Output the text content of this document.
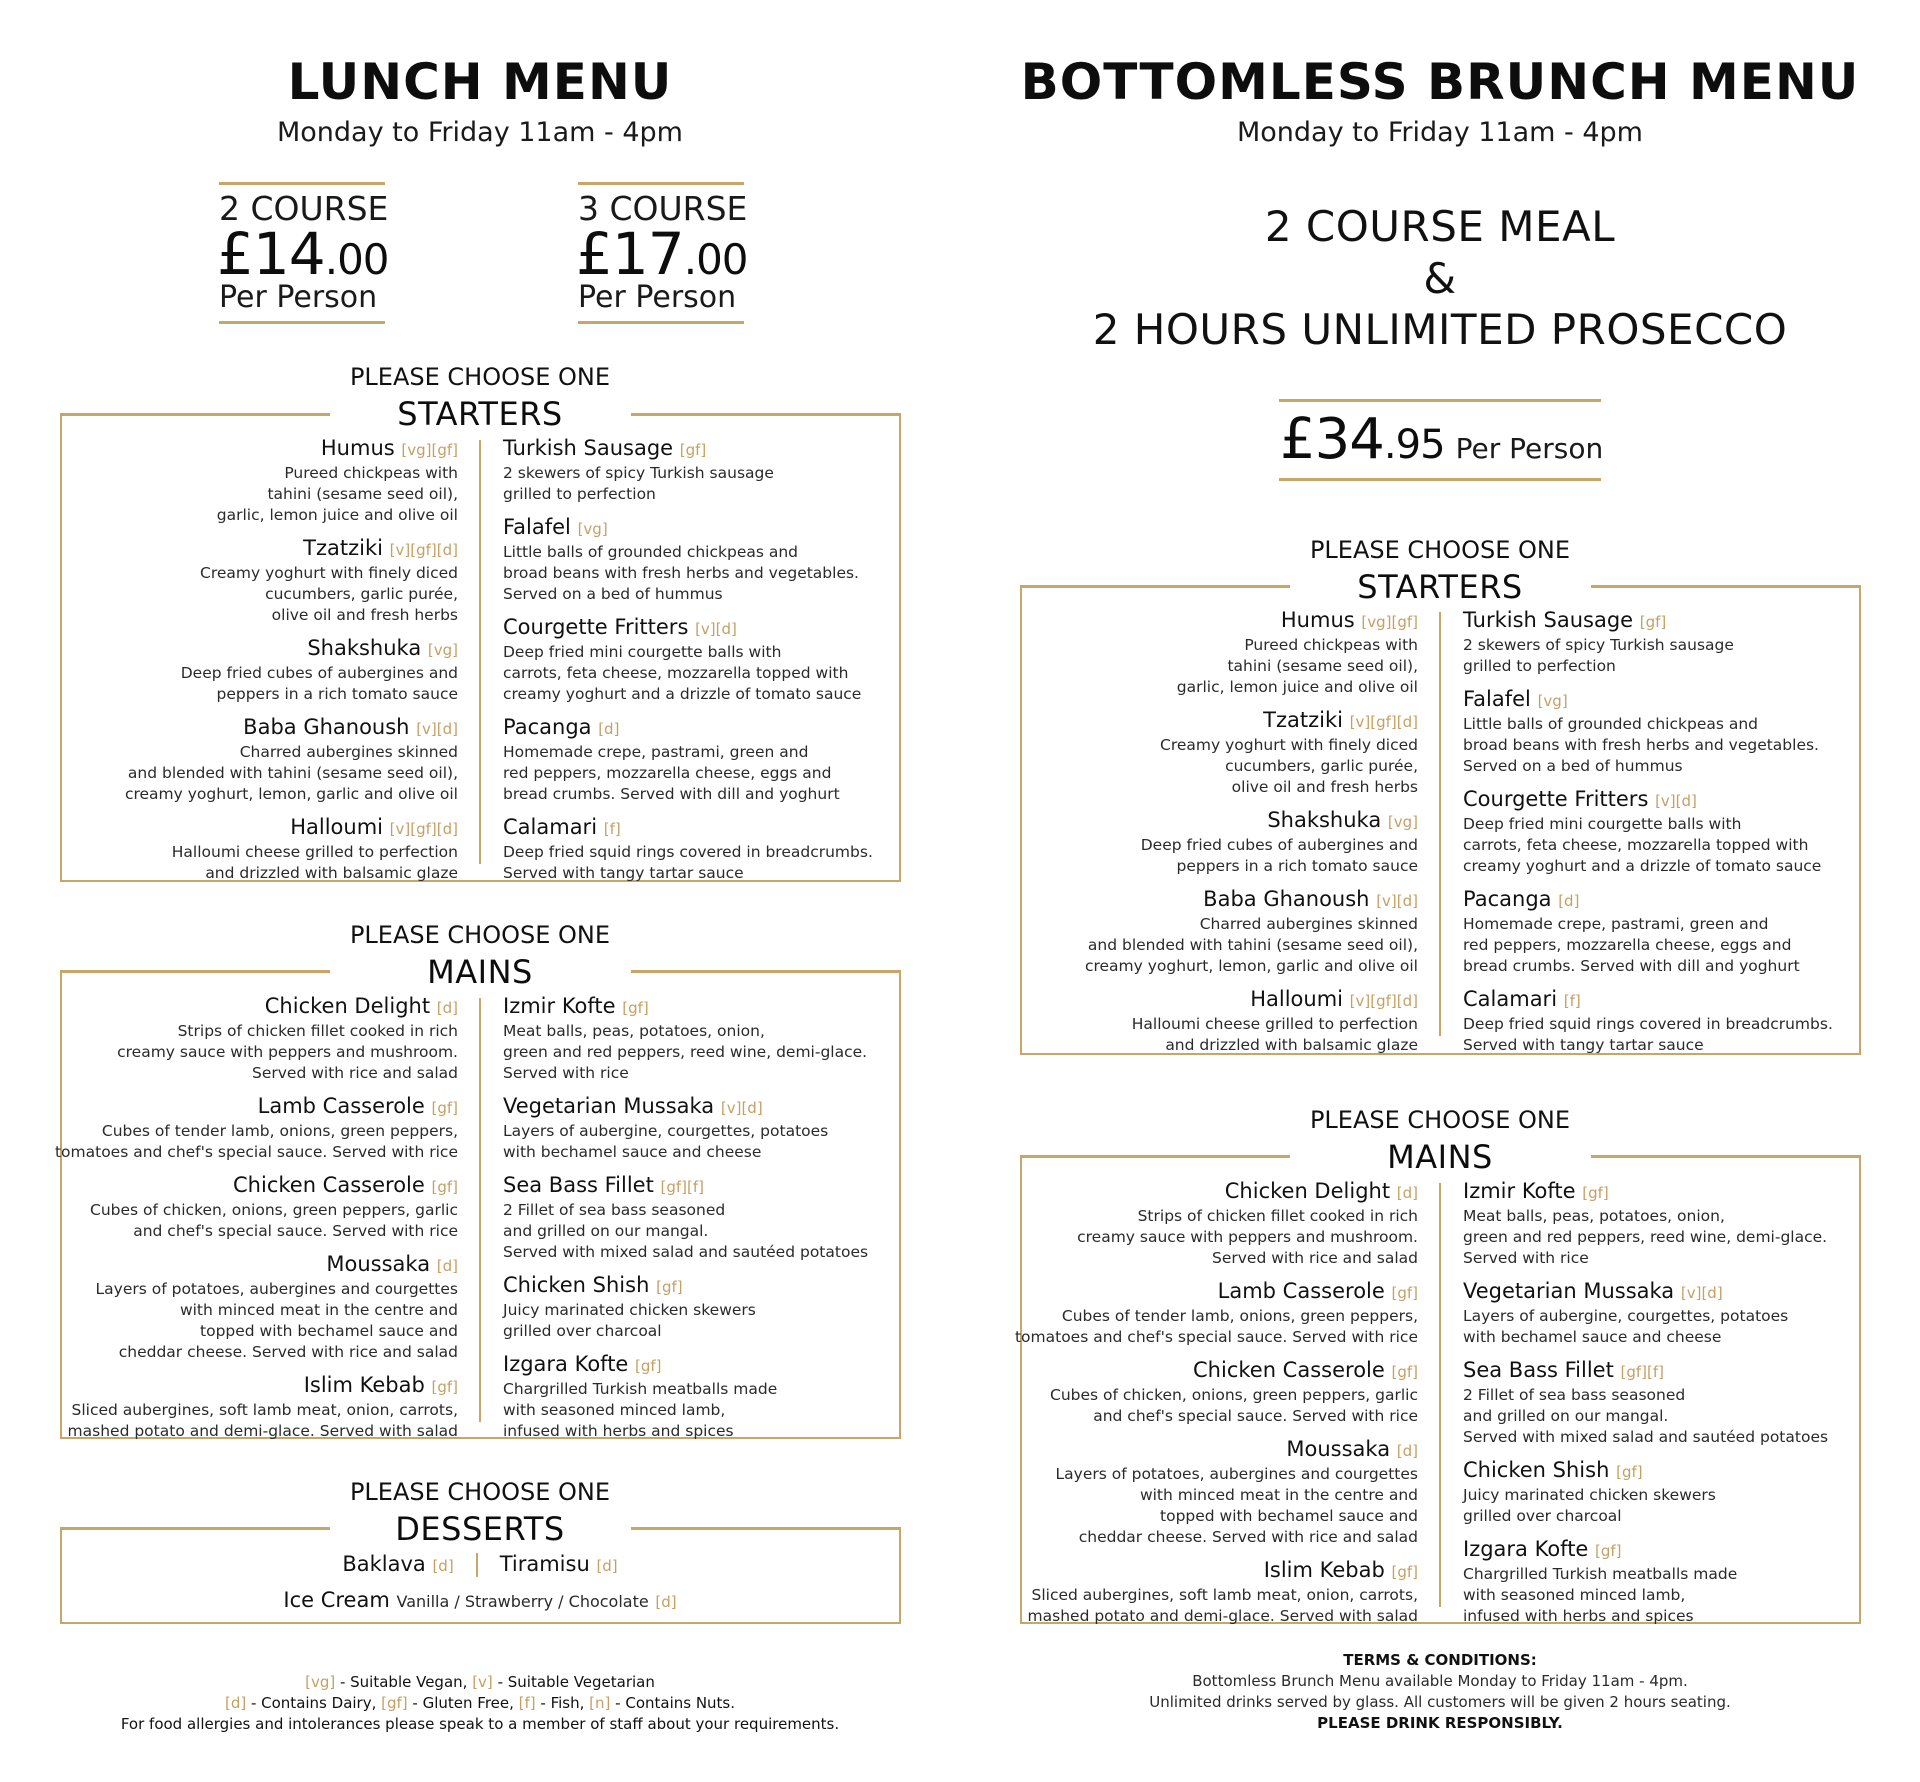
LUNCH MENU
Monday to Friday 11am - 4pm
2 COURSE
£14.00
Per Person
3 COURSE
£17.00
Per Person
PLEASE CHOOSE ONE
STARTERS
Humus [vg][gf]
Pureed chickpeas with
tahini (sesame seed oil),
garlic, lemon juice and olive oil
Tzatziki [v][gf][d]
Creamy yoghurt with finely diced
cucumbers, garlic purée,
olive oil and fresh herbs
Shakshuka [vg]
Deep fried cubes of aubergines and
peppers in a rich tomato sauce
Baba Ghanoush [v][d]
Charred aubergines skinned
and blended with tahini (sesame seed oil),
creamy yoghurt, lemon, garlic and olive oil
Halloumi [v][gf][d]
Halloumi cheese grilled to perfection
and drizzled with balsamic glaze
Turkish Sausage [gf]
2 skewers of spicy Turkish sausage
grilled to perfection
Falafel [vg]
Little balls of grounded chickpeas and
broad beans with fresh herbs and vegetables.
Served on a bed of hummus
Courgette Fritters [v][d]
Deep fried mini courgette balls with
carrots, feta cheese, mozzarella topped with
creamy yoghurt and a drizzle of tomato sauce
Pacanga [d]
Homemade crepe, pastrami, green and
red peppers, mozzarella cheese, eggs and
bread crumbs. Served with dill and yoghurt
Calamari [f]
Deep fried squid rings covered in breadcrumbs.
Served with tangy tartar sauce
PLEASE CHOOSE ONE
MAINS
Chicken Delight [d]
Strips of chicken fillet cooked in rich
creamy sauce with peppers and mushroom.
Served with rice and salad
Lamb Casserole [gf]
Cubes of tender lamb, onions, green peppers,
tomatoes and chef's special sauce. Served with rice
Chicken Casserole [gf]
Cubes of chicken, onions, green peppers, garlic
and chef's special sauce. Served with rice
Moussaka [d]
Layers of potatoes, aubergines and courgettes
with minced meat in the centre and
topped with bechamel sauce and
cheddar cheese. Served with rice and salad
Islim Kebab [gf]
Sliced aubergines, soft lamb meat, onion, carrots,
mashed potato and demi-glace. Served with salad
Izmir Kofte [gf]
Meat balls, peas, potatoes, onion,
green and red peppers, reed wine, demi-glace.
Served with rice
Vegetarian Mussaka [v][d]
Layers of aubergine, courgettes, potatoes
with bechamel sauce and cheese
Sea Bass Fillet [gf][f]
2 Fillet of sea bass seasoned
and grilled on our mangal.
Served with mixed salad and sautéed potatoes
Chicken Shish [gf]
Juicy marinated chicken skewers
grilled over charcoal
Izgara Kofte [gf]
Chargrilled Turkish meatballs made
with seasoned minced lamb,
infused with herbs and spices
PLEASE CHOOSE ONE
DESSERTS
Baklava [d] Tiramisu [d]
Ice Cream Vanilla / Strawberry / Chocolate [d]
[vg] - Suitable Vegan, [v] - Suitable Vegetarian
[d] - Contains Dairy, [gf] - Gluten Free, [f] - Fish, [n] - Contains Nuts.
For food allergies and intolerances please speak to a member of staff about your requirements.
BOTTOMLESS BRUNCH MENU
Monday to Friday 11am - 4pm
2 COURSE MEAL
&
2 HOURS UNLIMITED PROSECCO
£34.95 Per Person
PLEASE CHOOSE ONE
STARTERS
Humus [vg][gf]
Pureed chickpeas with
tahini (sesame seed oil),
garlic, lemon juice and olive oil
Tzatziki [v][gf][d]
Creamy yoghurt with finely diced
cucumbers, garlic purée,
olive oil and fresh herbs
Shakshuka [vg]
Deep fried cubes of aubergines and
peppers in a rich tomato sauce
Baba Ghanoush [v][d]
Charred aubergines skinned
and blended with tahini (sesame seed oil),
creamy yoghurt, lemon, garlic and olive oil
Halloumi [v][gf][d]
Halloumi cheese grilled to perfection
and drizzled with balsamic glaze
Turkish Sausage [gf]
2 skewers of spicy Turkish sausage
grilled to perfection
Falafel [vg]
Little balls of grounded chickpeas and
broad beans with fresh herbs and vegetables.
Served on a bed of hummus
Courgette Fritters [v][d]
Deep fried mini courgette balls with
carrots, feta cheese, mozzarella topped with
creamy yoghurt and a drizzle of tomato sauce
Pacanga [d]
Homemade crepe, pastrami, green and
red peppers, mozzarella cheese, eggs and
bread crumbs. Served with dill and yoghurt
Calamari [f]
Deep fried squid rings covered in breadcrumbs.
Served with tangy tartar sauce
PLEASE CHOOSE ONE
MAINS
Chicken Delight [d]
Strips of chicken fillet cooked in rich
creamy sauce with peppers and mushroom.
Served with rice and salad
Lamb Casserole [gf]
Cubes of tender lamb, onions, green peppers,
tomatoes and chef's special sauce. Served with rice
Chicken Casserole [gf]
Cubes of chicken, onions, green peppers, garlic
and chef's special sauce. Served with rice
Moussaka [d]
Layers of potatoes, aubergines and courgettes
with minced meat in the centre and
topped with bechamel sauce and
cheddar cheese. Served with rice and salad
Islim Kebab [gf]
Sliced aubergines, soft lamb meat, onion, carrots,
mashed potato and demi-glace. Served with salad
Izmir Kofte [gf]
Meat balls, peas, potatoes, onion,
green and red peppers, reed wine, demi-glace.
Served with rice
Vegetarian Mussaka [v][d]
Layers of aubergine, courgettes, potatoes
with bechamel sauce and cheese
Sea Bass Fillet [gf][f]
2 Fillet of sea bass seasoned
and grilled on our mangal.
Served with mixed salad and sautéed potatoes
Chicken Shish [gf]
Juicy marinated chicken skewers
grilled over charcoal
Izgara Kofte [gf]
Chargrilled Turkish meatballs made
with seasoned minced lamb,
infused with herbs and spices
TERMS & CONDITIONS:
Bottomless Brunch Menu available Monday to Friday 11am - 4pm.
Unlimited drinks served by glass. All customers will be given 2 hours seating.
PLEASE DRINK RESPONSIBLY.
